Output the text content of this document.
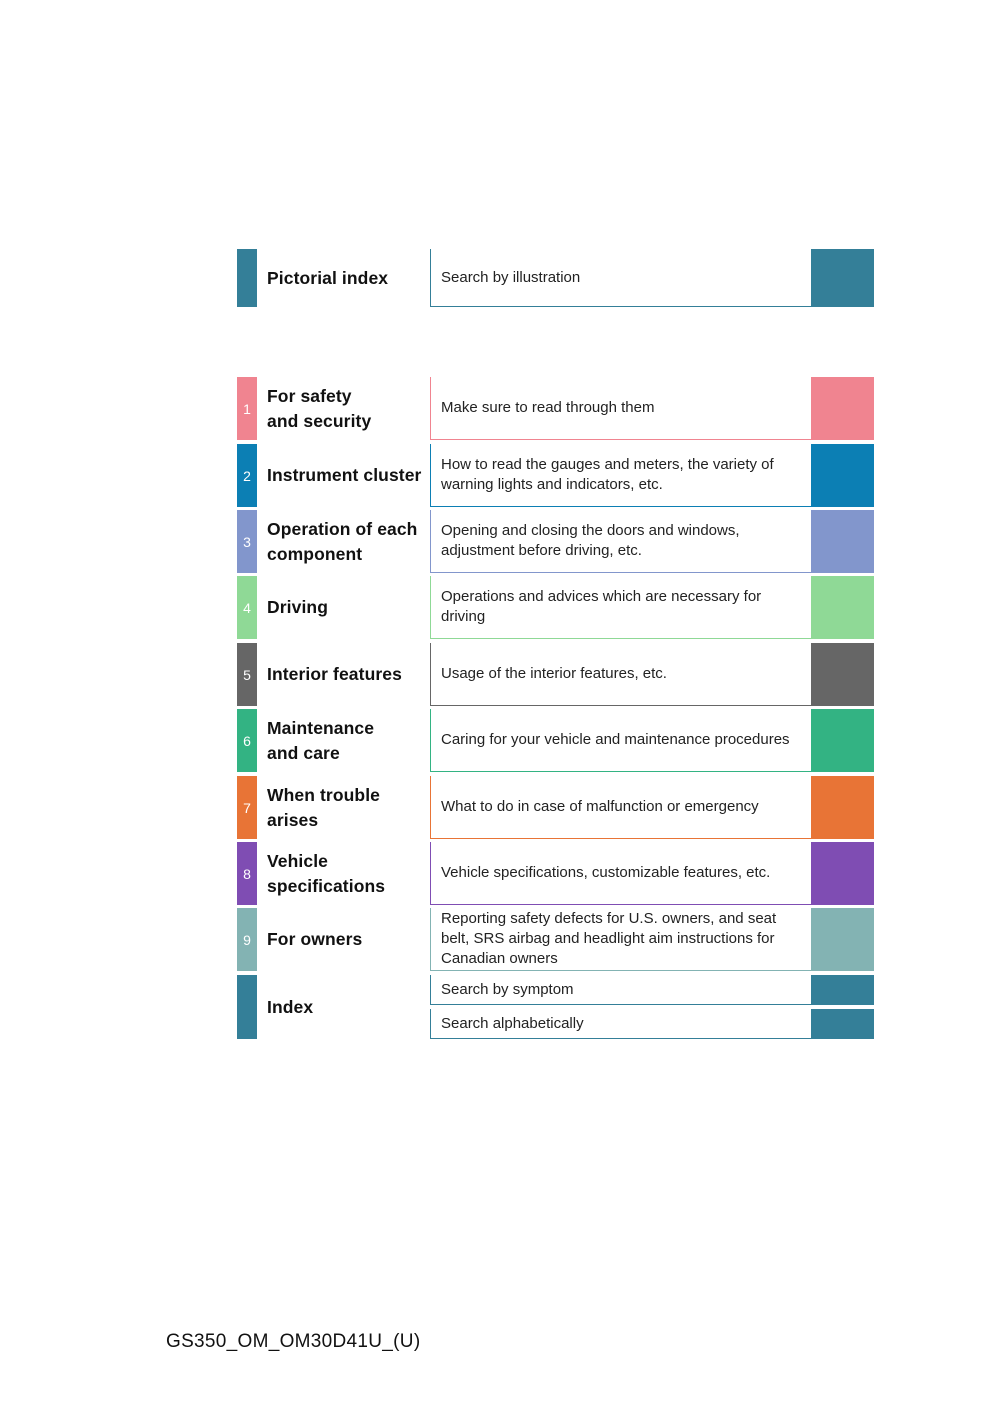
Pictorial index	Search by illustration
1
For safety
and security
Make sure to read through them
2 Instrument cluster
How to read the gauges and meters, the variety of warning lights and indicators, etc.
3
Operation of each
component
Opening and closing the doors and windows, adjustment before driving, etc.
4 Driving
Operations and advices which are necessary for driving
5 Interior features	Usage of the interior features, etc.
6
Maintenance
and care
Caring for your vehicle and maintenance procedures
7
When trouble
arises
What to do in case of malfunction or emergency
8
Vehicle
specifications
Vehicle specifications, customizable features, etc.
9 For owners
Reporting safety defects for U.S. owners, and seat belt, SRS airbag and headlight aim instructions for Canadian owners
Index
Search by symptom
Search alphabetically
GS350_OM_OM30D41U_(U)
